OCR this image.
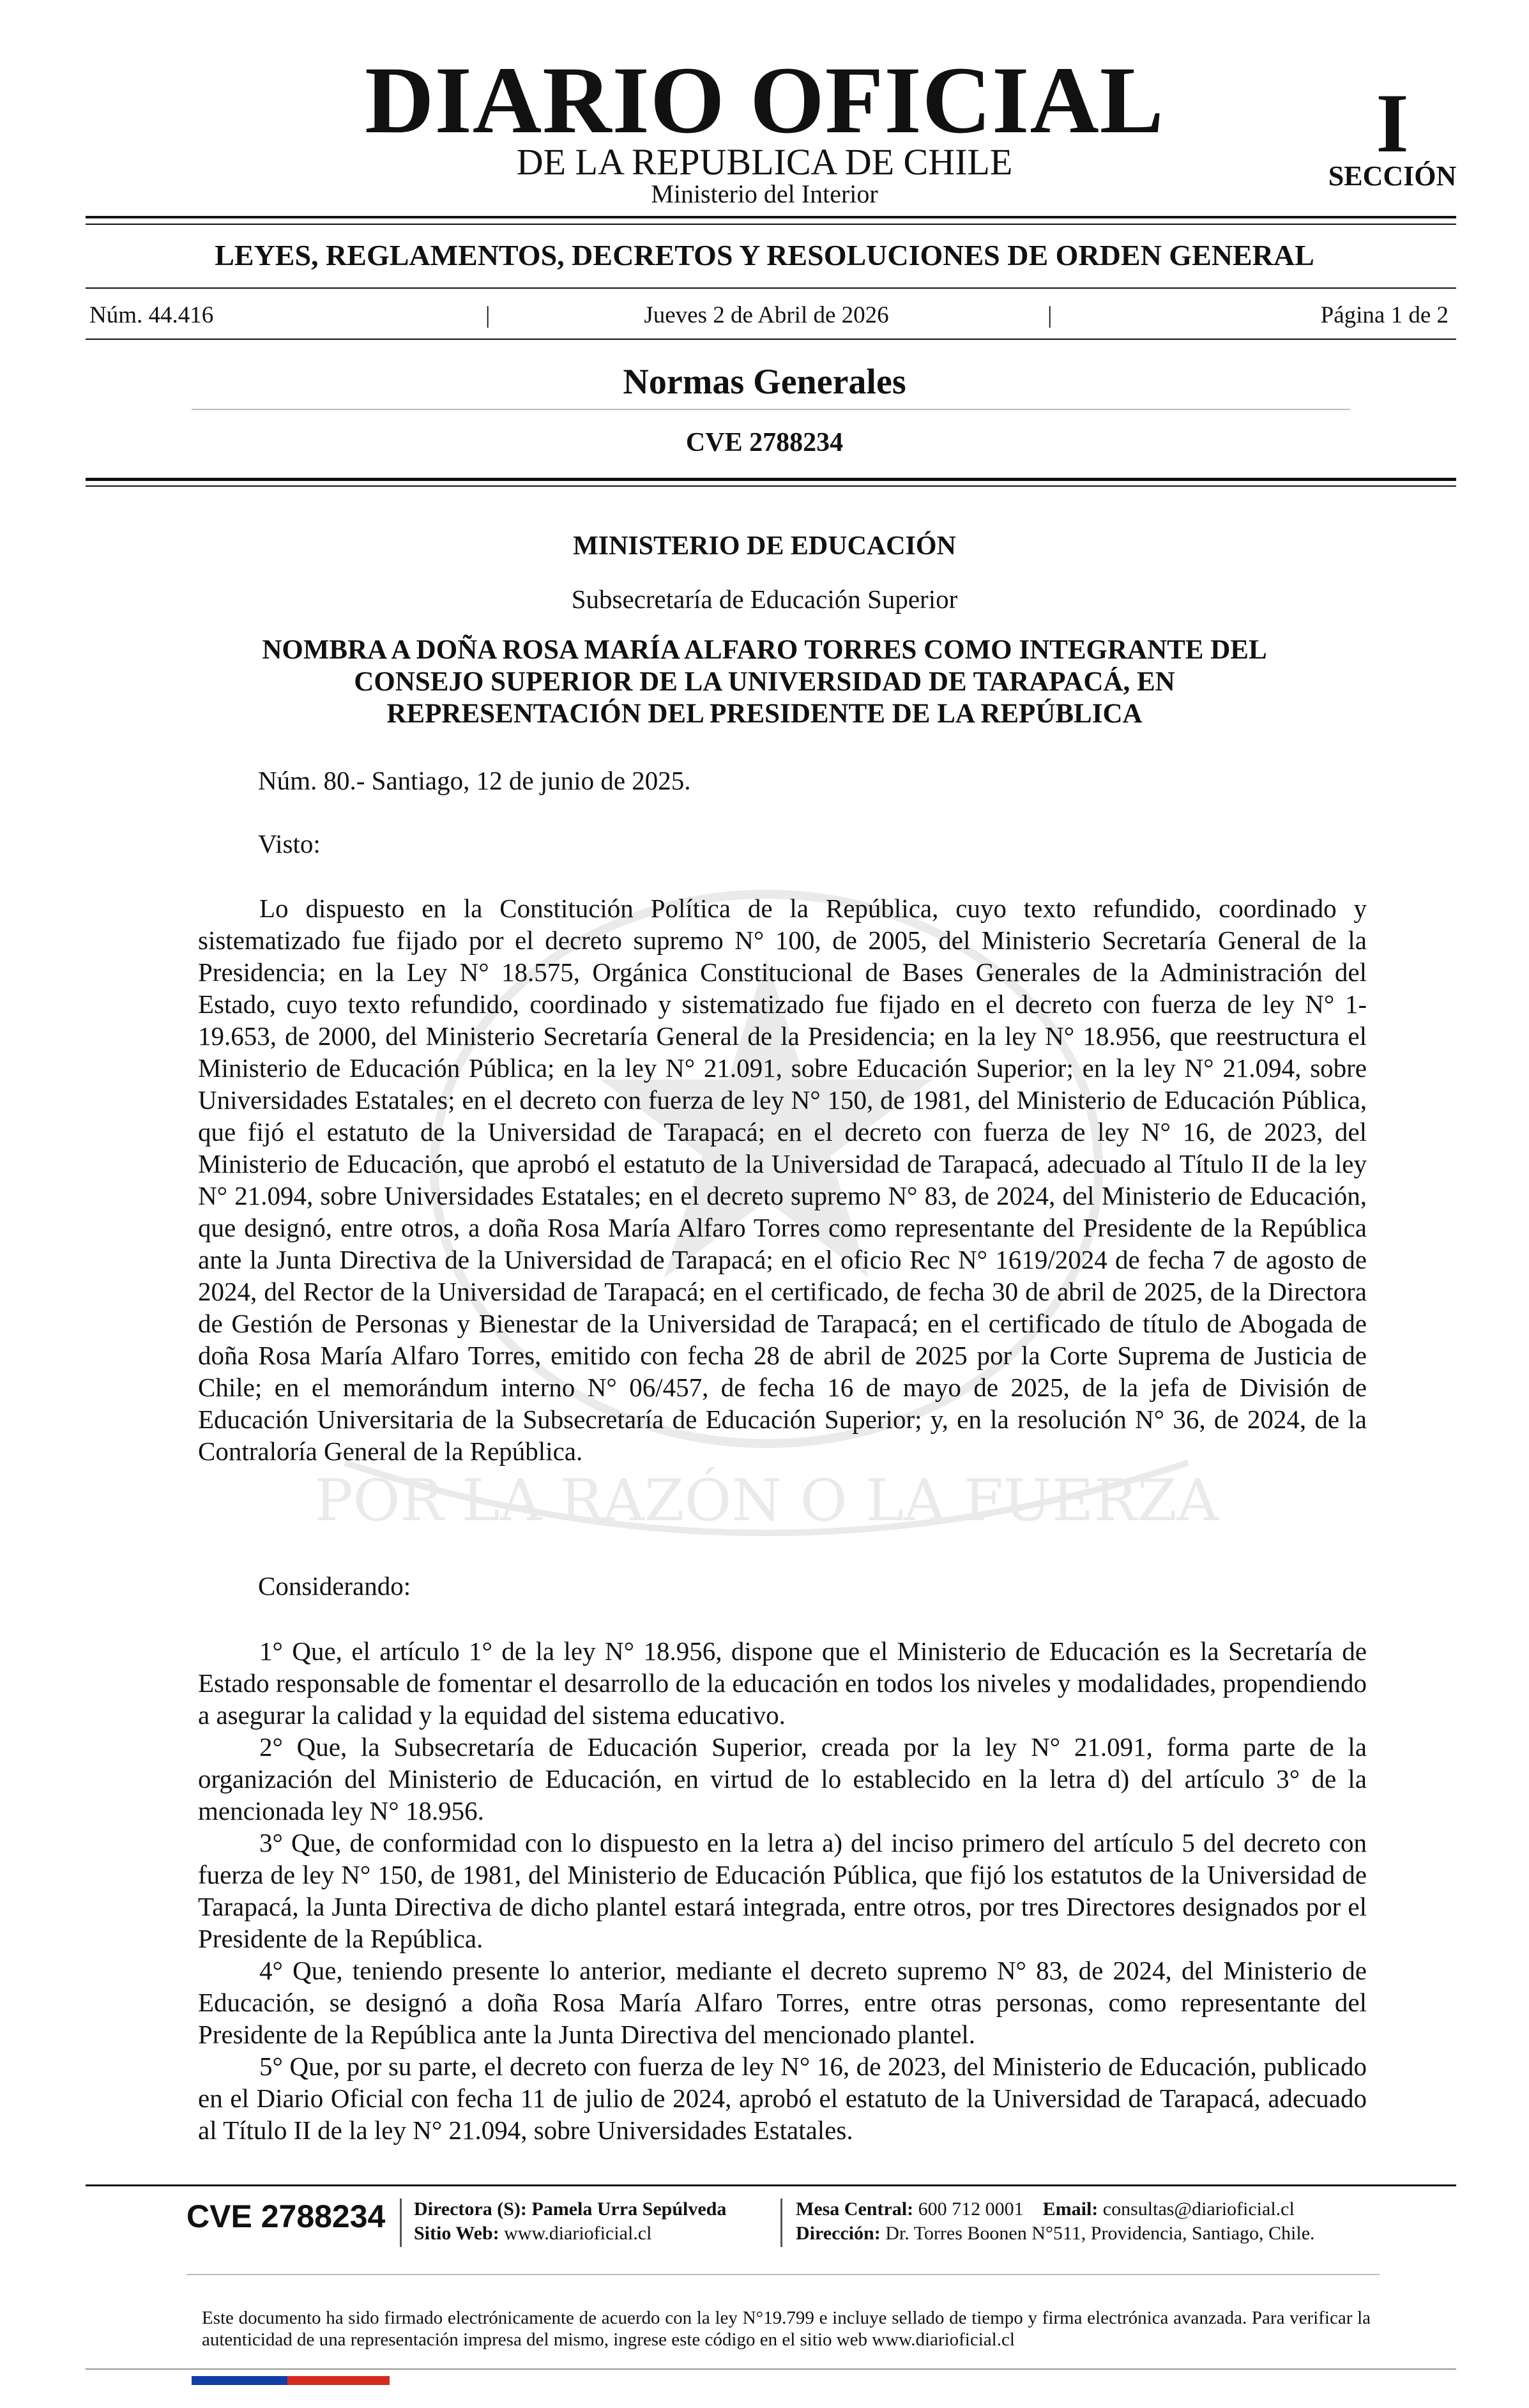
DIARIO OFICIAL
DE LA REPUBLICA DE CHILE
Ministerio del Interior
I
SECCIÓN
LEYES, REGLAMENTOS, DECRETOS Y RESOLUCIONES DE ORDEN GENERAL
Núm. 44.416	|	Jueves 2 de Abril de 2026	|	Página 1 de 2
Normas Generales
CVE 2788234
POR LA RAZÓN O LA FUERZA
MINISTERIO DE EDUCACIÓN
Subsecretaría de Educación Superior
NOMBRA A DOÑA ROSA MARÍA ALFARO TORRES COMO INTEGRANTE DEL
CONSEJO SUPERIOR DE LA UNIVERSIDAD DE TARAPACÁ, EN
REPRESENTACIÓN DEL PRESIDENTE DE LA REPÚBLICA
Núm. 80.- Santiago, 12 de junio de 2025.
Visto:

Lo dispuesto en la Constitución Política de la República, cuyo texto refundido, coordinado y sistematizado fue fijado por el decreto supremo N° 100, de 2005, del Ministerio Secretaría General de la Presidencia; en la Ley N° 18.575, Orgánica Constitucional de Bases Generales de la Administración del Estado, cuyo texto refundido, coordinado y sistematizado fue fijado en el decreto con fuerza de ley N° 1-19.653, de 2000, del Ministerio Secretaría General de la Presidencia; en la ley N° 18.956, que reestructura el Ministerio de Educación Pública; en la ley N° 21.091, sobre Educación Superior; en la ley N° 21.094, sobre Universidades Estatales; en el decreto con fuerza de ley N° 150, de 1981, del Ministerio de Educación Pública, que fijó el estatuto de la Universidad de Tarapacá; en el decreto con fuerza de ley N° 16, de 2023, del Ministerio de Educación, que aprobó el estatuto de la Universidad de Tarapacá, adecuado al Título II de la ley N° 21.094, sobre Universidades Estatales; en el decreto supremo N° 83, de 2024, del Ministerio de Educación, que designó, entre otros, a doña Rosa María Alfaro Torres como representante del Presidente de la República ante la Junta Directiva de la Universidad de Tarapacá; en el oficio Rec N° 1619/2024 de fecha 7 de agosto de 2024, del Rector de la Universidad de Tarapacá; en el certificado, de fecha 30 de abril de 2025, de la Directora de Gestión de Personas y Bienestar de la Universidad de Tarapacá; en el certificado de título de Abogada de doña Rosa María Alfaro Torres, emitido con fecha 28 de abril de 2025 por la Corte Suprema de Justicia de Chile; en el memorándum interno N° 06/457, de fecha 16 de mayo de 2025, de la jefa de División de Educación Universitaria de la Subsecretaría de Educación Superior; y, en la resolución N° 36, de 2024, de la Contraloría General de la República.

Considerando:

1° Que, el artículo 1° de la ley N° 18.956, dispone que el Ministerio de Educación es la Secretaría de Estado responsable de fomentar el desarrollo de la educación en todos los niveles y modalidades, propendiendo a asegurar la calidad y la equidad del sistema educativo.

2° Que, la Subsecretaría de Educación Superior, creada por la ley N° 21.091, forma parte de la organización del Ministerio de Educación, en virtud de lo establecido en la letra d) del artículo 3° de la mencionada ley N° 18.956.

3° Que, de conformidad con lo dispuesto en la letra a) del inciso primero del artículo 5 del decreto con fuerza de ley N° 150, de 1981, del Ministerio de Educación Pública, que fijó los estatutos de la Universidad de Tarapacá, la Junta Directiva de dicho plantel estará integrada, entre otros, por tres Directores designados por el Presidente de la República.

4° Que, teniendo presente lo anterior, mediante el decreto supremo N° 83, de 2024, del Ministerio de Educación, se designó a doña Rosa María Alfaro Torres, entre otras personas, como representante del Presidente de la República ante la Junta Directiva del mencionado plantel.

5° Que, por su parte, el decreto con fuerza de ley N° 16, de 2023, del Ministerio de Educación, publicado en el Diario Oficial con fecha 11 de julio de 2024, aprobó el estatuto de la Universidad de Tarapacá, adecuado al Título II de la ley N° 21.094, sobre Universidades Estatales.

CVE 2788234 Directora (S): Pamela Urra Sepúlveda
Sitio Web: www.diarioficial.cl
Mesa Central: 600 712 0001 Email: consultas@diarioficial.cl
Dirección: Dr. Torres Boonen N°511, Providencia, Santiago, Chile.
Este documento ha sido firmado electrónicamente de acuerdo con la ley N°19.799 e incluye sellado de tiempo y firma electrónica avanzada. Para verificar la autenticidad de una representación impresa del mismo, ingrese este código en el sitio web www.diarioficial.cl
